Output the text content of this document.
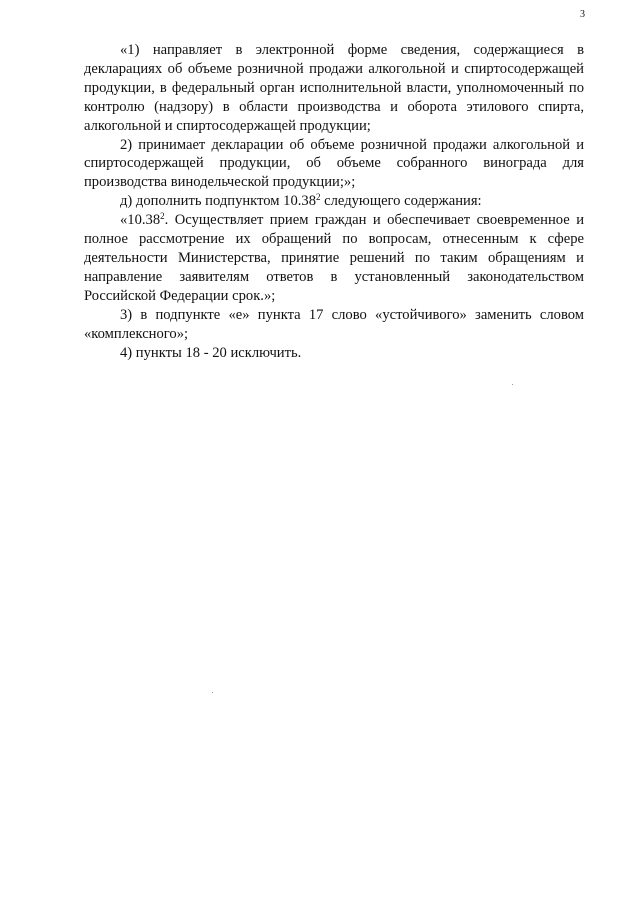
3

«1) направляет в электронной форме сведения, содержащиеся в декларациях об объеме розничной продажи алкогольной и спиртосодержащей продукции, в федеральный орган исполнительной власти, уполномоченный по контролю (надзору) в области производства и оборота этилового спирта, алкогольной и спиртосодержащей продукции;

2) принимает декларации об объеме розничной продажи алкогольной и спиртосодержащей продукции, об объеме собранного винограда для производства винодельческой продукции;»;

д) дополнить подпунктом 10.38$^2$ следующего содержания:

«10.38$^2$. Осуществляет прием граждан и обеспечивает своевременное и полное рассмотрение их обращений по вопросам, отнесенным к сфере деятельности Министерства, принятие решений по таким обращениям и направление заявителям ответов в установленный законодательством Российской Федерации срок.»;

3) в подпункте «е» пункта 17 слово «устойчивого» заменить словом «комплексного»;

4) пункты 18 - 20 исключить.
